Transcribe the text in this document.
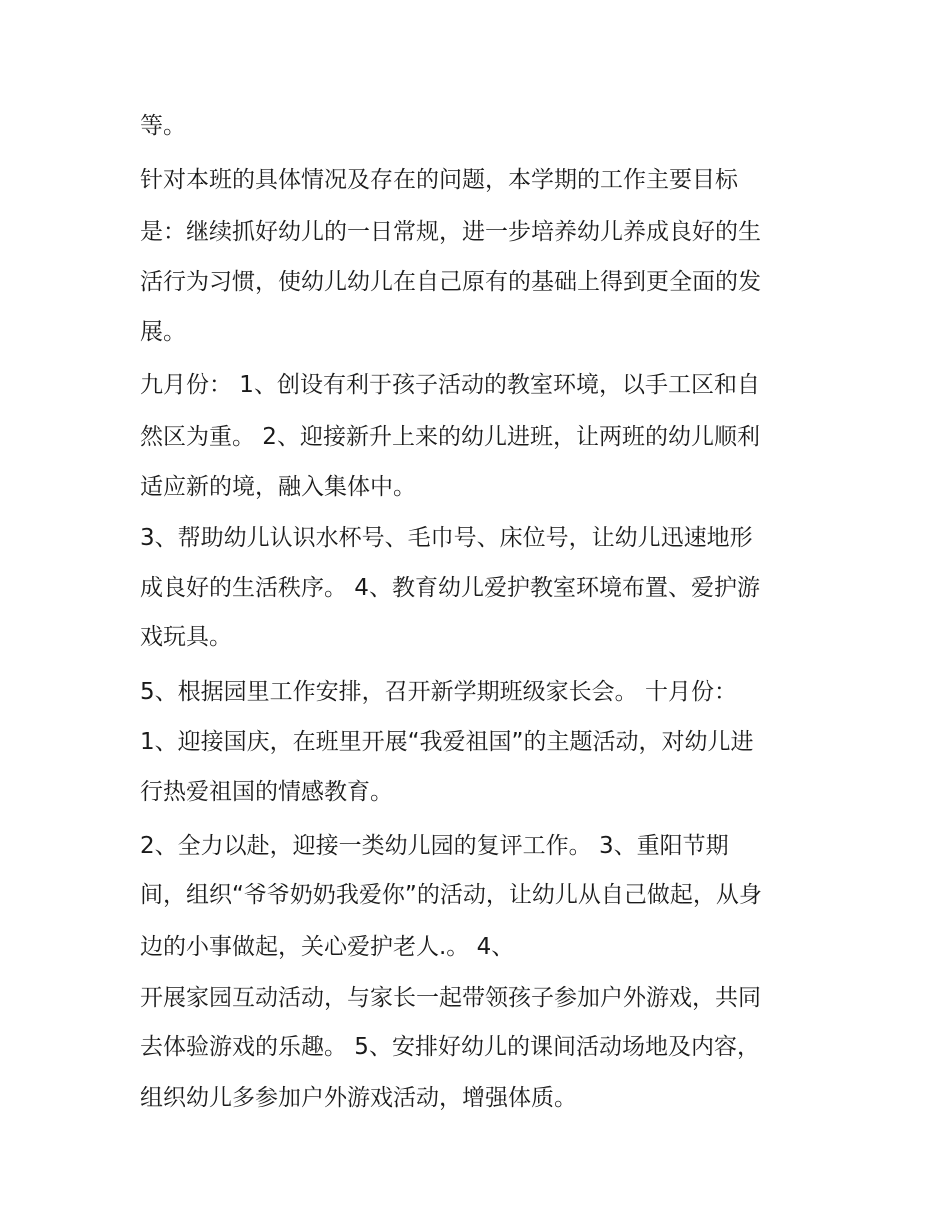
等。

针对本班的具体情况及存在的问题，本学期的工作主要目标

是：继续抓好幼儿的一日常规，进一步培养幼儿养成良好的生

活行为习惯，使幼儿幼儿在自己原有的基础上得到更全面的发

展。

九月份： 1、创设有利于孩子活动的教室环境，以手工区和自

然区为重。 2、迎接新升上来的幼儿进班，让两班的幼儿顺利

适应新的境，融入集体中。

3、帮助幼儿认识水杯号、毛巾号、床位号，让幼儿迅速地形

成良好的生活秩序。 4、教育幼儿爱护教室环境布置、爱护游

戏玩具。

5、根据园里工作安排，召开新学期班级家长会。 十月份：

1、迎接国庆，在班里开展“我爱祖国”的主题活动，对幼儿进

行热爱祖国的情感教育。

2、全力以赴，迎接一类幼儿园的复评工作。 3、重阳节期

间，组织“爷爷奶奶我爱你”的活动，让幼儿从自己做起，从身

边的小事做起，关心爱护老人.。 4、

开展家园互动活动，与家长一起带领孩子参加户外游戏，共同

去体验游戏的乐趣。 5、安排好幼儿的课间活动场地及内容，

组织幼儿多参加户外游戏活动，增强体质。
